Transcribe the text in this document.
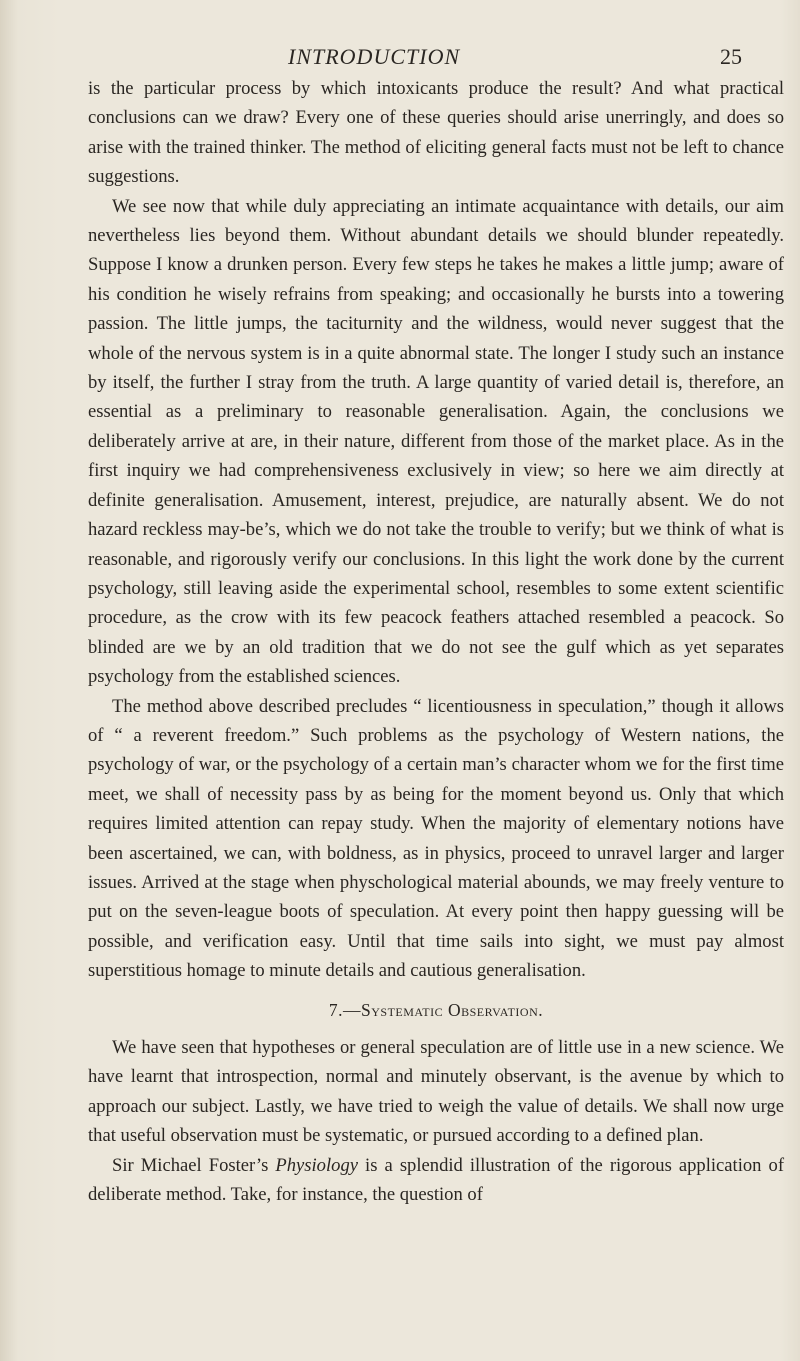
INTRODUCTION	25

is the particular process by which intoxicants produce the result? And what practical conclusions can we draw? Every one of these queries should arise unerringly, and does so arise with the trained thinker. The method of eliciting general facts must not be left to chance suggestions.

We see now that while duly appreciating an intimate acquaintance with details, our aim nevertheless lies beyond them. Without abundant details we should blunder repeatedly. Suppose I know a drunken person. Every few steps he takes he makes a little jump; aware of his condition he wisely refrains from speaking; and occasionally he bursts into a towering passion. The little jumps, the taciturnity and the wildness, would never suggest that the whole of the nervous system is in a quite abnormal state. The longer I study such an instance by itself, the further I stray from the truth. A large quantity of varied detail is, therefore, an essential as a preliminary to reasonable generalisation. Again, the conclusions we deliberately arrive at are, in their nature, different from those of the market place. As in the first inquiry we had comprehensiveness exclusively in view; so here we aim directly at definite generalisation. Amusement, interest, prejudice, are naturally absent. We do not hazard reckless may-be’s, which we do not take the trouble to verify; but we think of what is reasonable, and rigorously verify our conclusions. In this light the work done by the current psychology, still leaving aside the experimental school, resembles to some extent scientific procedure, as the crow with its few peacock feathers attached resembled a peacock. So blinded are we by an old tradition that we do not see the gulf which as yet separates psychology from the established sciences.

The method above described precludes “ licentiousness in speculation,” though it allows of “ a reverent freedom.” Such problems as the psychology of Western nations, the psychology of war, or the psychology of a certain man’s character whom we for the first time meet, we shall of necessity pass by as being for the moment beyond us. Only that which requires limited attention can repay study. When the majority of elementary notions have been ascertained, we can, with boldness, as in physics, proceed to unravel larger and larger issues. Arrived at the stage when physchological material abounds, we may freely venture to put on the seven-league boots of speculation. At every point then happy guessing will be possible, and verification easy. Until that time sails into sight, we must pay almost superstitious homage to minute details and cautious generalisation.

7.—Systematic Observation.

We have seen that hypotheses or general speculation are of little use in a new science. We have learnt that introspection, normal and minutely observant, is the avenue by which to approach our subject. Lastly, we have tried to weigh the value of details. We shall now urge that useful observation must be systematic, or pursued according to a defined plan.

Sir Michael Foster’s Physiology is a splendid illustration of the rigorous application of deliberate method. Take, for instance, the question of
